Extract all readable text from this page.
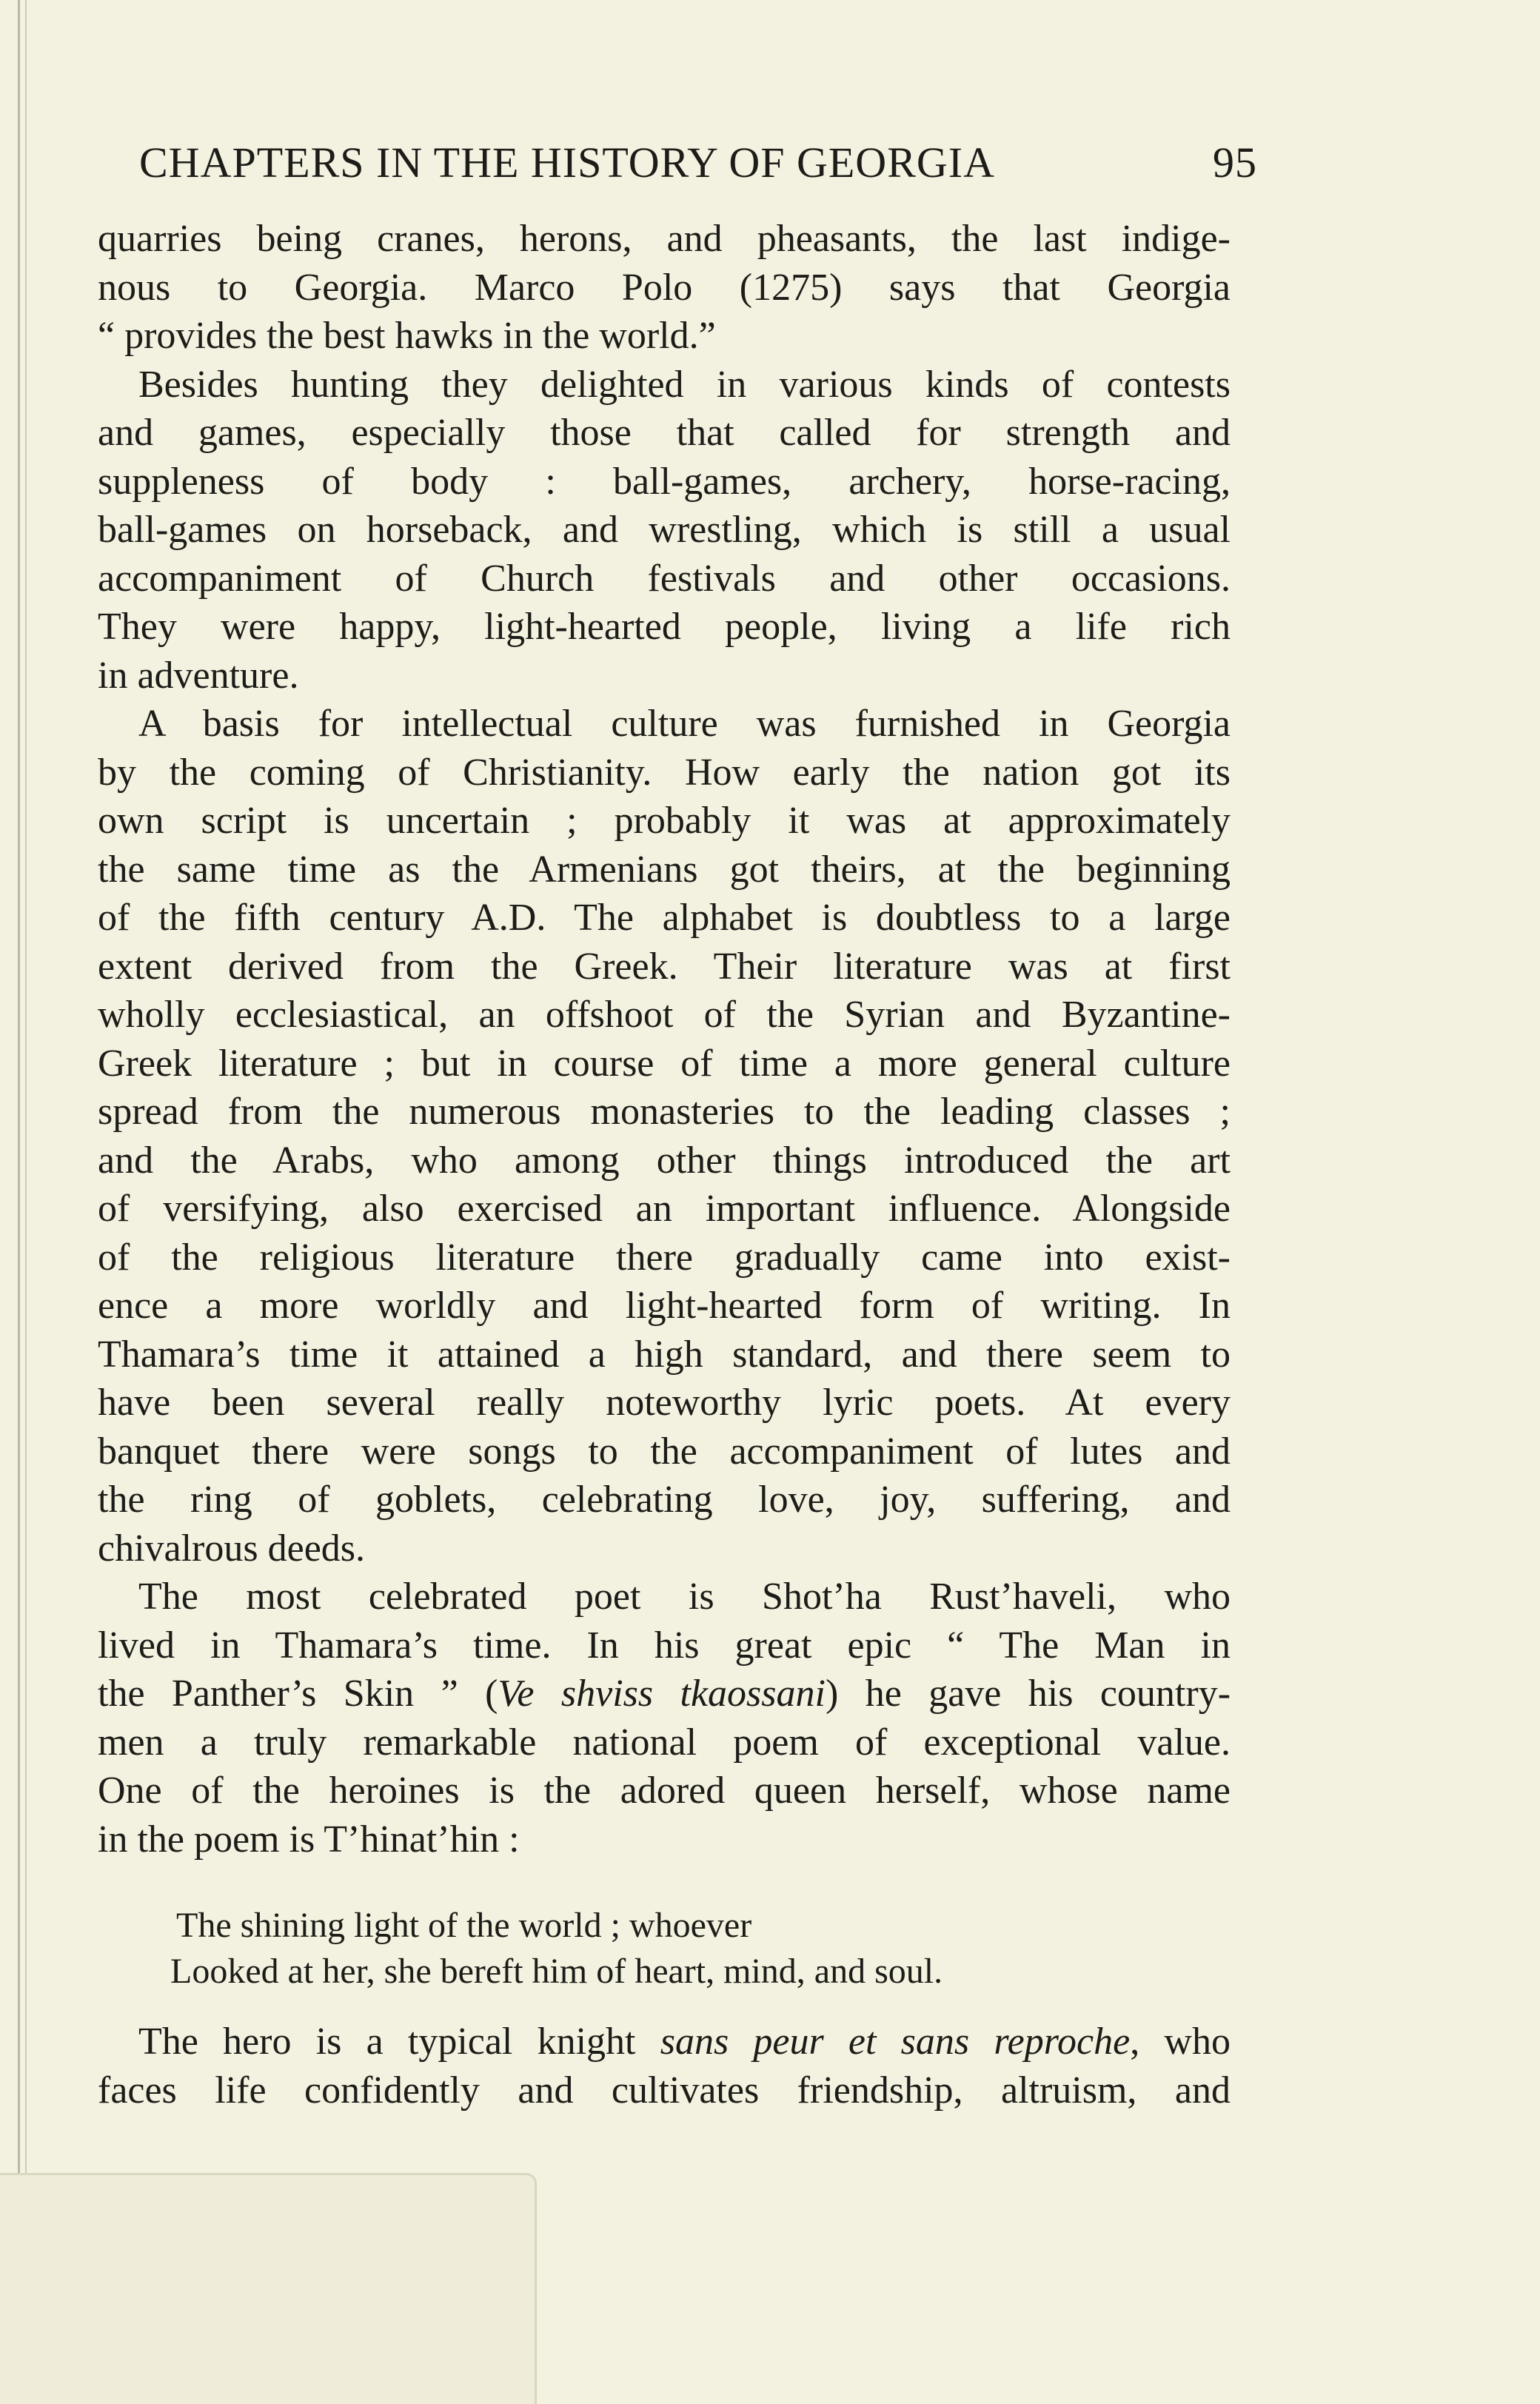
CHAPTERS IN THE HISTORY OF GEORGIA	95
quarries being cranes, herons, and pheasants, the last indige-
nous to Georgia. Marco Polo (1275) says that Georgia
“ provides the best hawks in the world.”
Besides hunting they delighted in various kinds of contests
and games, especially those that called for strength and
suppleness of body : ball-games, archery, horse-racing,
ball-games on horseback, and wrestling, which is still a usual
accompaniment of Church festivals and other occasions.
They were happy, light-hearted people, living a life rich
in adventure.
A basis for intellectual culture was furnished in Georgia
by the coming of Christianity. How early the nation got its
own script is uncertain ; probably it was at approximately
the same time as the Armenians got theirs, at the beginning
of the fifth century A.D. The alphabet is doubtless to a large
extent derived from the Greek. Their literature was at first
wholly ecclesiastical, an offshoot of the Syrian and Byzantine-
Greek literature ; but in course of time a more general culture
spread from the numerous monasteries to the leading classes ;
and the Arabs, who among other things introduced the art
of versifying, also exercised an important influence. Alongside
of the religious literature there gradually came into exist-
ence a more worldly and light-hearted form of writing. In
Thamara’s time it attained a high standard, and there seem to
have been several really noteworthy lyric poets. At every
banquet there were songs to the accompaniment of lutes and
the ring of goblets, celebrating love, joy, suffering, and
chivalrous deeds.
The most celebrated poet is Shot’ha Rust’haveli, who
lived in Thamara’s time. In his great epic “ The Man in
the Panther’s Skin ” (Ve shviss tkaossani) he gave his country-
men a truly remarkable national poem of exceptional value.
One of the heroines is the adored queen herself, whose name
in the poem is T’hinat’hin :
The shining light of the world ; whoever
Looked at her, she bereft him of heart, mind, and soul.
The hero is a typical knight sans peur et sans reproche, who
faces life confidently and cultivates friendship, altruism, and
